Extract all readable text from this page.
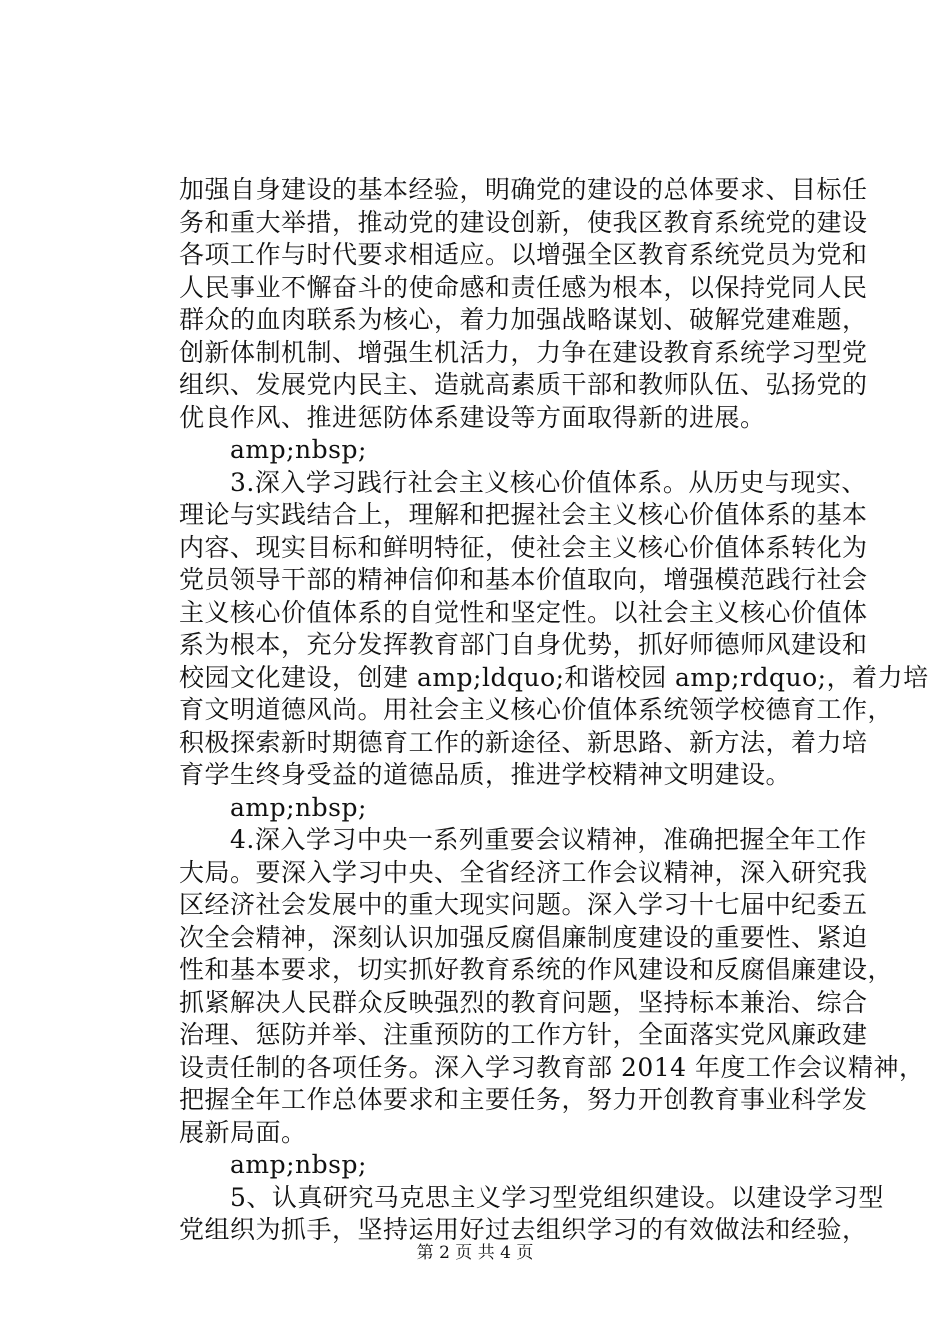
加强自身建设的基本经验，明确党的建设的总体要求、目标任
务和重大举措，推动党的建设创新，使我区教育系统党的建设
各项工作与时代要求相适应。以增强全区教育系统党员为党和
人民事业不懈奋斗的使命感和责任感为根本，以保持党同人民
群众的血肉联系为核心，着力加强战略谋划、破解党建难题，
创新体制机制、增强生机活力，力争在建设教育系统学习型党
组织、发展党内民主、造就高素质干部和教师队伍、弘扬党的
优良作风、推进惩防体系建设等方面取得新的进展。
　　amp;nbsp;
　　3.深入学习践行社会主义核心价值体系。从历史与现实、
理论与实践结合上，理解和把握社会主义核心价值体系的基本
内容、现实目标和鲜明特征，使社会主义核心价值体系转化为
党员领导干部的精神信仰和基本价值取向，增强模范践行社会
主义核心价值体系的自觉性和坚定性。以社会主义核心价值体
系为根本，充分发挥教育部门自身优势，抓好师德师风建设和
校园文化建设，创建 amp;ldquo;和谐校园 amp;rdquo;，着力培
育文明道德风尚。用社会主义核心价值体系统领学校德育工作，
积极探索新时期德育工作的新途径、新思路、新方法，着力培
育学生终身受益的道德品质，推进学校精神文明建设。
　　amp;nbsp;
　　4.深入学习中央一系列重要会议精神，准确把握全年工作
大局。要深入学习中央、全省经济工作会议精神，深入研究我
区经济社会发展中的重大现实问题。深入学习十七届中纪委五
次全会精神，深刻认识加强反腐倡廉制度建设的重要性、紧迫
性和基本要求，切实抓好教育系统的作风建设和反腐倡廉建设，
抓紧解决人民群众反映强烈的教育问题，坚持标本兼治、综合
治理、惩防并举、注重预防的工作方针，全面落实党风廉政建
设责任制的各项任务。深入学习教育部 2014 年度工作会议精神，
把握全年工作总体要求和主要任务，努力开创教育事业科学发
展新局面。
　　amp;nbsp;
　　5、认真研究马克思主义学习型党组织建设。以建设学习型
党组织为抓手，坚持运用好过去组织学习的有效做法和经验，
第 2 页 共 4 页
